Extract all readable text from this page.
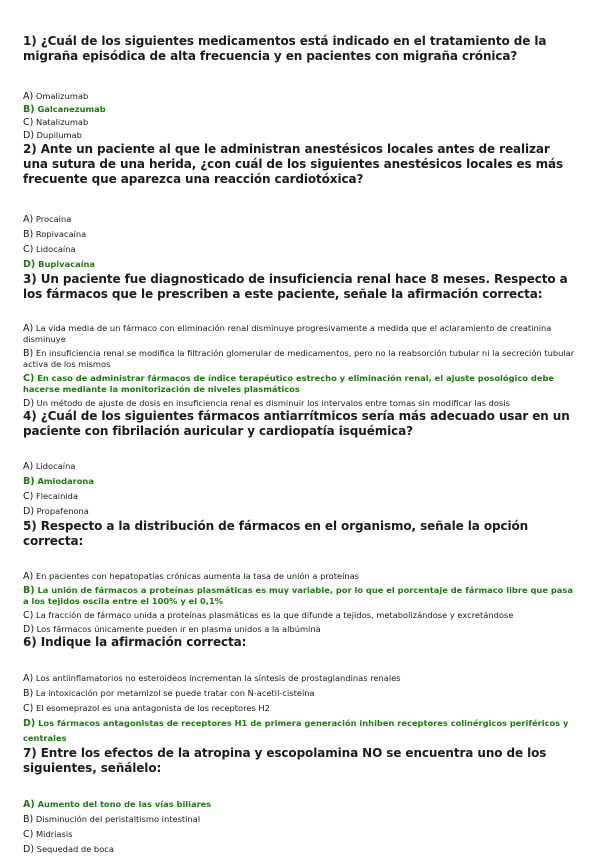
1) ¿Cuál de los siguientes medicamentos está indicado en el tratamiento de la migraña episódica de alta frecuencia y en pacientes con migraña crónica?
A) Omalizumab
B) Galcanezumab
C) Natalizumab
D) Dupilumab
2) Ante un paciente al que le administran anestésicos locales antes de realizar una sutura de una herida, ¿con cuál de los siguientes anestésicos locales es más frecuente que aparezca una reacción cardiotóxica?
A) Procaína
B) Ropivacaína
C) Lidocaína
D) Bupivacaína
3) Un paciente fue diagnosticado de insuficiencia renal hace 8 meses. Respecto a los fármacos que le prescriben a este paciente, señale la afirmación correcta:
A) La vida media de un fármaco con eliminación renal disminuye progresivamente a medida que el aclaramiento de creatinina disminuye
B) En insuficiencia renal se modifica la filtración glomerular de medicamentos, pero no la reabsorción tubular ni la secreción tubular activa de los mismos
C) En caso de administrar fármacos de índice terapéutico estrecho y eliminación renal, el ajuste posológico debe hacerse mediante la monitorización de niveles plasmáticos
D) Un método de ajuste de dosis en insuficiencia renal es disminuir los intervalos entre tomas sin modificar las dosis
4) ¿Cuál de los siguientes fármacos antiarrítmicos sería más adecuado usar en un paciente con fibrilación auricular y cardiopatía isquémica?
A) Lidocaína
B) Amiodarona
C) Flecainida
D) Propafenona
5) Respecto a la distribución de fármacos en el organismo, señale la opción correcta:
A) En pacientes con hepatopatías crónicas aumenta la tasa de unión a proteínas
B) La unión de fármacos a proteínas plasmáticas es muy variable, por lo que el porcentaje de fármaco libre que pasa a los tejidos oscila entre el 100% y el 0,1%
C) La fracción de fármaco unida a proteínas plasmáticas es la que difunde a tejidos, metabolizándose y excretándose
D) Los fármacos únicamente pueden ir en plasma unidos a la albúmina
6) Indique la afirmación correcta:
A) Los antiinflamatorios no esteroideos incrementan la síntesis de prostaglandinas renales
B) La intoxicación por metamizol se puede tratar con N-acetil-cisteína
C) El esomeprazol es una antagonista de los receptores H2
D) Los fármacos antagonistas de receptores H1 de primera generación inhiben receptores colinérgicos periféricos y centrales
7) Entre los efectos de la atropina y escopolamina NO se encuentra uno de los siguientes, señálelo:
A) Aumento del tono de las vías biliares
B) Disminución del peristaltismo intestinal
C) Midriasis
D) Sequedad de boca
